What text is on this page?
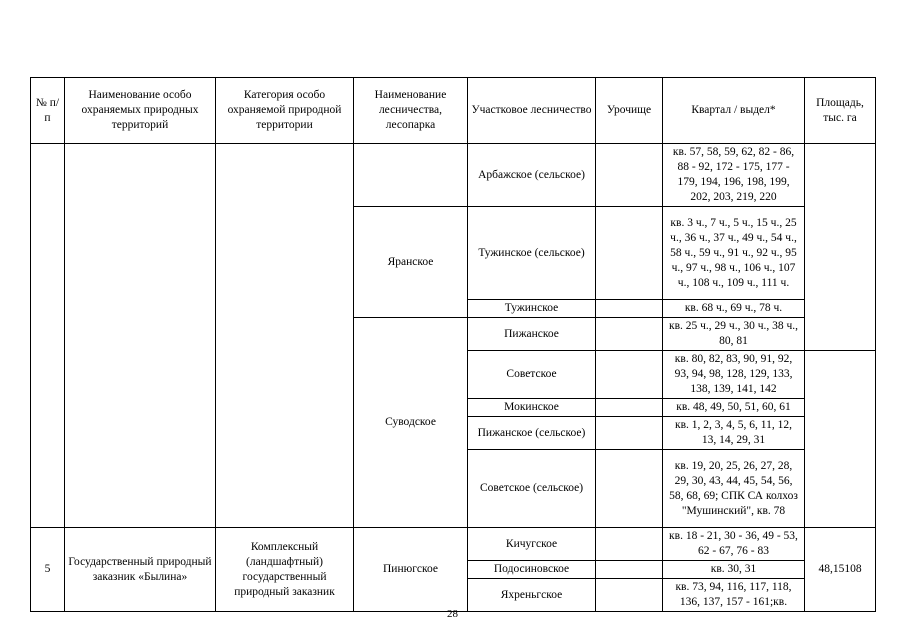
№ п/п	Наименование особо охраняемых природных территорий	Категория особо охраняемой природной территории	Наименование лесничества, лесопарка	Участковое лесничество	Урочище	Квартал / выдел*	Площадь, тыс. га
				Арбажское (сельское)		кв. 57, 58, 59, 62, 82 - 86, 88 - 92, 172 - 175, 177 - 179, 194, 196, 198, 199, 202, 203, 219, 220	
			Яранское	Тужинское (сельское)		кв. 3 ч., 7 ч., 5 ч., 15 ч., 25 ч., 36 ч., 37 ч., 49 ч., 54 ч., 58 ч., 59 ч., 91 ч., 92 ч., 95 ч., 97 ч., 98 ч., 106 ч., 107 ч., 108 ч., 109 ч., 111 ч.	
				Тужинское		кв. 68 ч., 69 ч., 78 ч.	
			Суводское	Пижанское		кв. 25 ч., 29 ч., 30 ч., 38 ч., 80, 81	
				Советское		кв. 80, 82, 83, 90, 91, 92, 93, 94, 98, 128, 129, 133, 138, 139, 141, 142	
				Мокинское		кв. 48, 49, 50, 51, 60, 61	
				Пижанское (сельское)		кв. 1, 2, 3, 4, 5, 6, 11, 12, 13, 14, 29, 31	
				Советское (сельское)		кв. 19, 20, 25, 26, 27, 28, 29, 30, 43, 44, 45, 54, 56, 58, 68, 69; СПК СА колхоз "Мушинский", кв. 78	
5	Государственный природный заказник «Былина»	Комплексный (ландшафтный) государственный природный заказник	Пинюгское	Кичугское		кв. 18 - 21, 30 - 36, 49 - 53, 62 - 67, 76 - 83	48,15108
				Подосиновское		кв. 30, 31	
				Яхреньгское		кв. 73, 94, 116, 117, 118, 136, 137, 157 - 161;кв.	
28
